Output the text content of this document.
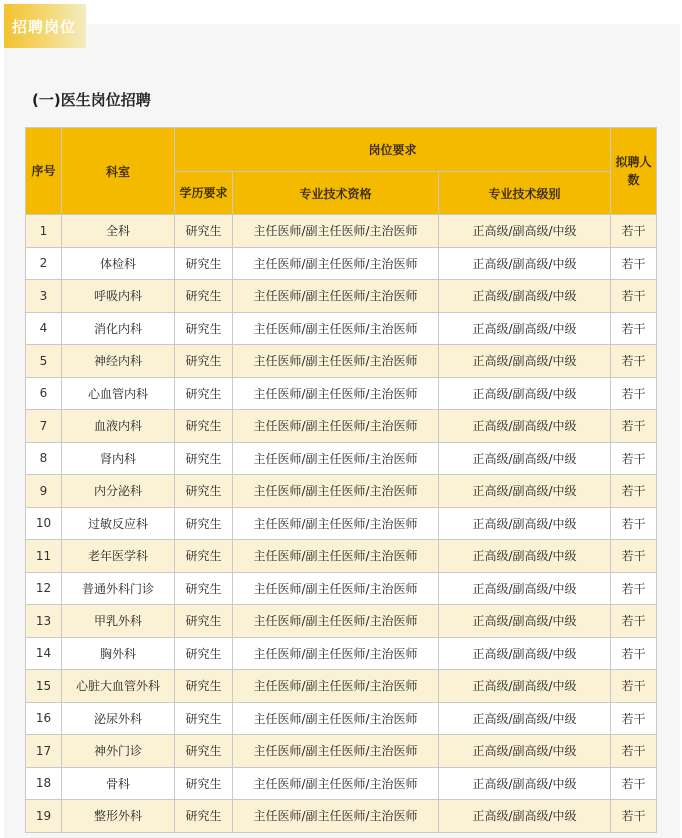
招聘岗位
(一)医生岗位招聘
序号	科室	岗位要求			拟聘人数
		学历要求	专业技术资格	专业技术级别	
1	全科	研究生	主任医师/副主任医师/主治医师	正高级/副高级/中级	若干
2	体检科	研究生	主任医师/副主任医师/主治医师	正高级/副高级/中级	若干
3	呼吸内科	研究生	主任医师/副主任医师/主治医师	正高级/副高级/中级	若干
4	消化内科	研究生	主任医师/副主任医师/主治医师	正高级/副高级/中级	若干
5	神经内科	研究生	主任医师/副主任医师/主治医师	正高级/副高级/中级	若干
6	心血管内科	研究生	主任医师/副主任医师/主治医师	正高级/副高级/中级	若干
7	血液内科	研究生	主任医师/副主任医师/主治医师	正高级/副高级/中级	若干
8	肾内科	研究生	主任医师/副主任医师/主治医师	正高级/副高级/中级	若干
9	内分泌科	研究生	主任医师/副主任医师/主治医师	正高级/副高级/中级	若干
10	过敏反应科	研究生	主任医师/副主任医师/主治医师	正高级/副高级/中级	若干
11	老年医学科	研究生	主任医师/副主任医师/主治医师	正高级/副高级/中级	若干
12	普通外科门诊	研究生	主任医师/副主任医师/主治医师	正高级/副高级/中级	若干
13	甲乳外科	研究生	主任医师/副主任医师/主治医师	正高级/副高级/中级	若干
14	胸外科	研究生	主任医师/副主任医师/主治医师	正高级/副高级/中级	若干
15	心脏大血管外科	研究生	主任医师/副主任医师/主治医师	正高级/副高级/中级	若干
16	泌尿外科	研究生	主任医师/副主任医师/主治医师	正高级/副高级/中级	若干
17	神外门诊	研究生	主任医师/副主任医师/主治医师	正高级/副高级/中级	若干
18	骨科	研究生	主任医师/副主任医师/主治医师	正高级/副高级/中级	若干
19	整形外科	研究生	主任医师/副主任医师/主治医师	正高级/副高级/中级	若干
